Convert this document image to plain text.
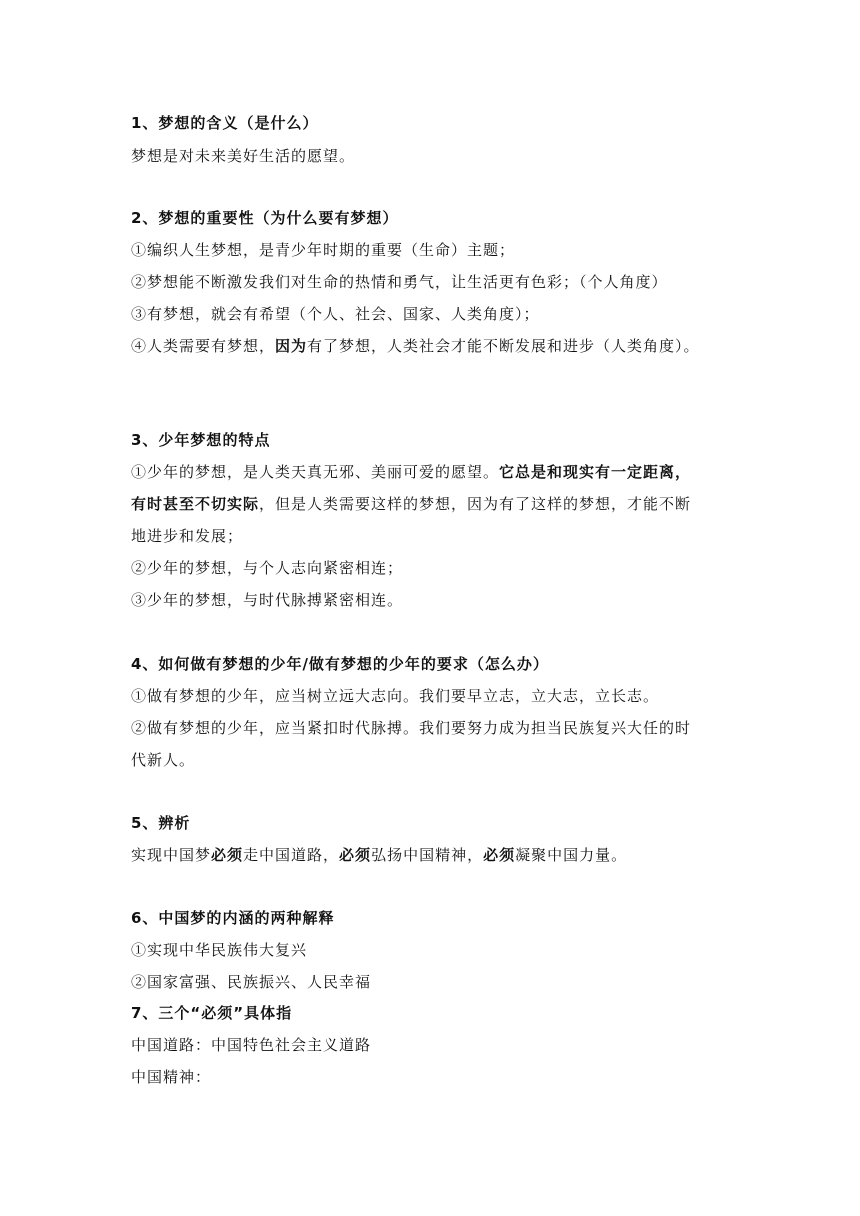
1、梦想的含义（是什么）
梦想是对未来美好生活的愿望。
2、梦想的重要性（为什么要有梦想）
①编织人生梦想，是青少年时期的重要（生命）主题；
②梦想能不断激发我们对生命的热情和勇气，让生活更有色彩；（个人角度）
③有梦想，就会有希望（个人、社会、国家、人类角度）；
④人类需要有梦想，因为有了梦想，人类社会才能不断发展和进步（人类角度）。
3、少年梦想的特点
①少年的梦想，是人类天真无邪、美丽可爱的愿望。它总是和现实有一定距离，
有时甚至不切实际，但是人类需要这样的梦想，因为有了这样的梦想，才能不断
地进步和发展；
②少年的梦想，与个人志向紧密相连；
③少年的梦想，与时代脉搏紧密相连。
4、如何做有梦想的少年/做有梦想的少年的要求（怎么办）
①做有梦想的少年，应当树立远大志向。我们要早立志，立大志，立长志。
②做有梦想的少年，应当紧扣时代脉搏。我们要努力成为担当民族复兴大任的时
代新人。
5、辨析
实现中国梦必须走中国道路，必须弘扬中国精神，必须凝聚中国力量。
6、中国梦的内涵的两种解释
①实现中华民族伟大复兴
②国家富强、民族振兴、人民幸福
7、三个“必须”具体指
中国道路：中国特色社会主义道路
中国精神：
